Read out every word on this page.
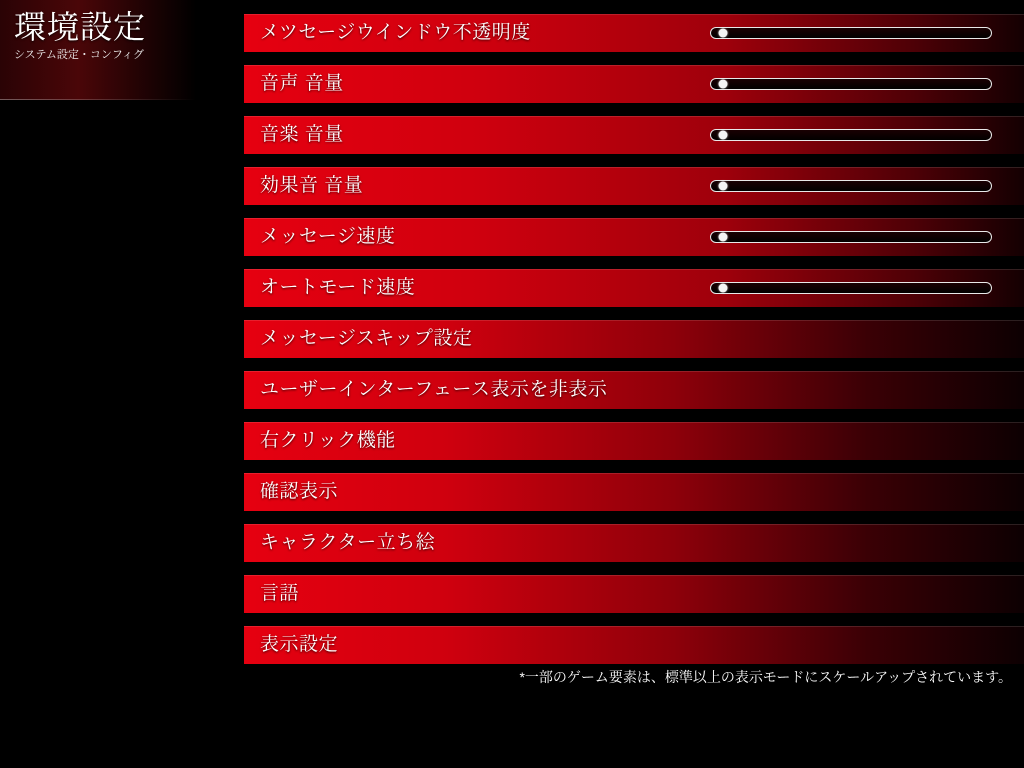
環境設定
システム設定・コンフィグ
メツセージウインドウ不透明度
音声 音量
音楽 音量
効果音 音量
メッセージ速度
オートモード速度
メッセージスキップ設定
ユーザーインターフェース表示を非表示
右クリック機能
確認表示
キャラクター立ち絵
言語
表示設定
*一部のゲーム要素は、標準以上の表示モードにスケールアップされています。
